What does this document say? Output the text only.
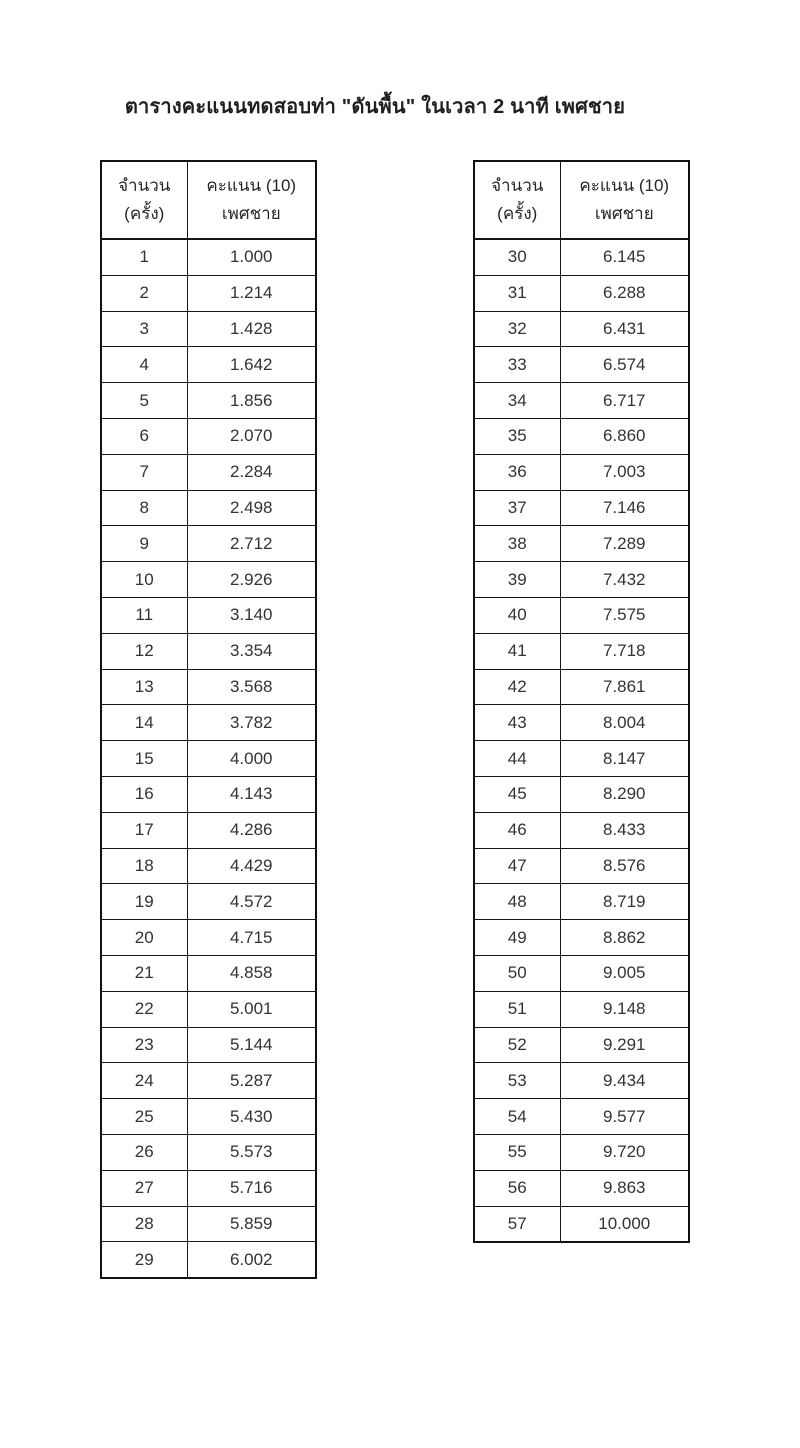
ตารางคะแนนทดสอบท่า "ดันพื้น" ในเวลา 2 นาที เพศชาย
จำนวน
(ครั้ง)	คะแนน (10)
เพศชาย
1	1.000
2	1.214
3	1.428
4	1.642
5	1.856
6	2.070
7	2.284
8	2.498
9	2.712
10	2.926
11	3.140
12	3.354
13	3.568
14	3.782
15	4.000
16	4.143
17	4.286
18	4.429
19	4.572
20	4.715
21	4.858
22	5.001
23	5.144
24	5.287
25	5.430
26	5.573
27	5.716
28	5.859
29	6.002
จำนวน
(ครั้ง)	คะแนน (10)
เพศชาย
30	6.145
31	6.288
32	6.431
33	6.574
34	6.717
35	6.860
36	7.003
37	7.146
38	7.289
39	7.432
40	7.575
41	7.718
42	7.861
43	8.004
44	8.147
45	8.290
46	8.433
47	8.576
48	8.719
49	8.862
50	9.005
51	9.148
52	9.291
53	9.434
54	9.577
55	9.720
56	9.863
57	10.000
